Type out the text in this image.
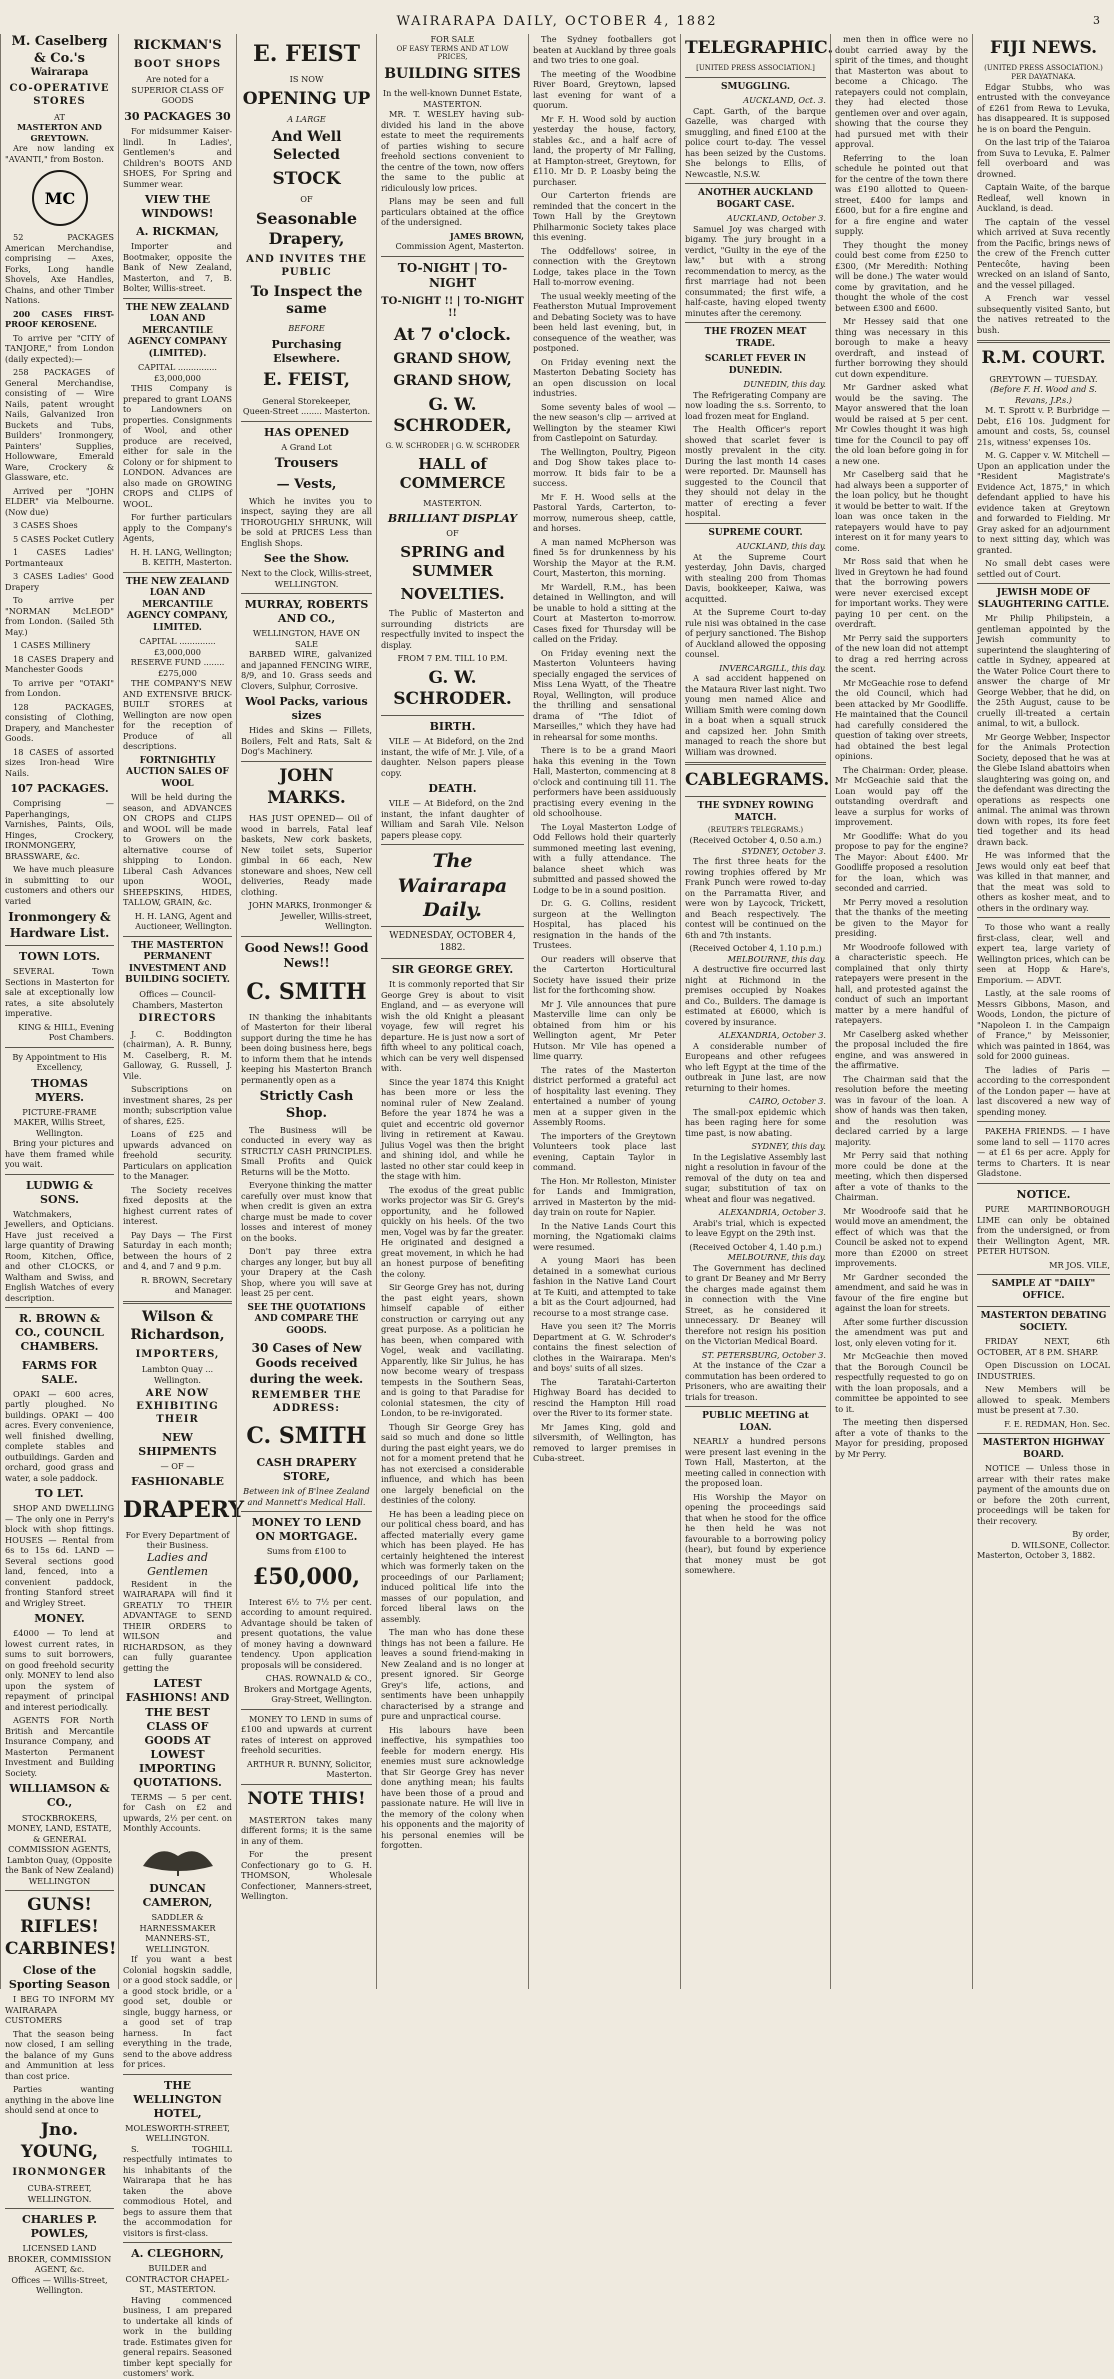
WAIRARAPA DAILY, OCTOBER 4, 1882	3
M. Caselberg & Co.'s
Wairarapa
CO-OPERATIVE STORES
AT
MASTERTON AND GREYTOWN.

Are now landing ex "AVANTI," from Boston.

MC

52 PACKAGES American Merchandise, comprising — Axes, Forks, Long handle Shovels, Axe Handles, Chains, and other Timber Nations.

200 CASES FIRST-PROOF KEROSENE.

To arrive per "CITY of TANJORE," from London (daily expected):—

258 PACKAGES of General Merchandise, consisting of — Wire Nails, patent wrought Nails, Galvanized Iron Buckets and Tubs, Builders' Ironmongery, Painters' Supplies, Hollowware, Emerald Ware, Crockery & Glassware, etc.

Arrived per "JOHN ELDER" via Melbourne. (Now due)

3 CASES Shoes

5 CASES Pocket Cutlery

1 CASES Ladies' Portmanteaux

3 CASES Ladies' Good Drapery

To arrive per "NORMAN McLEOD" from London. (Sailed 5th May.)

1 CASES Millinery

18 CASES Drapery and Manchester Goods

To arrive per "OTAKI" from London.

128 PACKAGES, consisting of Clothing, Drapery, and Manchester Goods.

18 CASES of assorted sizes Iron-head Wire Nails.

107 PACKAGES.

Comprising — Paperhangings, Varnishes, Paints, Oils, Hinges, Crockery, IRONMONGERY, BRASSWARE, &c.

We have much pleasure in submitting to our customers and others our varied

Ironmongery & Hardware List.
TOWN LOTS.

SEVERAL Town Sections in Masterton for sale at exceptionally low rates, a site absolutely imperative.

KING & HILL, Evening Post Chambers.
By Appointment to His Excellency,
THOMAS MYERS.
PICTURE-FRAME MAKER, Willis Street, Wellington.

Bring your pictures and have them framed while you wait.

LUDWIG & SONS.

Watchmakers, Jewellers, and Opticians. Have just received a large quantity of Drawing Room, Kitchen, Office, and other CLOCKS, or Waltham and Swiss, and English Watches of every description.

R. BROWN & CO., COUNCIL CHAMBERS.
FARMS FOR SALE.

OPAKI — 600 acres, partly ploughed. No buildings. OPAKI — 400 acres. Every convenience, well finished dwelling, complete stables and outbuildings. Garden and orchard, good grass and water, a sole paddock.

TO LET.

SHOP AND DWELLING — The only one in Perry's block with shop fittings. HOUSES — Rental from 6s to 15s 6d. LAND — Several sections good land, fenced, into a convenient paddock, fronting Stanford street and Wrigley Street.

MONEY.

£4000 — To lend at lowest current rates, in sums to suit borrowers, on good freehold security only. MONEY to lend also upon the system of repayment of principal and interest periodically.

AGENTS FOR North British and Mercantile Insurance Company, and Masterton Permanent Investment and Building Society.

WILLIAMSON & CO.,
STOCKBROKERS, MONEY, LAND, ESTATE, & GENERAL COMMISSION AGENTS, Lambton Quay, (Opposite the Bank of New Zealand) WELLINGTON
GUNS! RIFLES! CARBINES!
Close of the Sporting Season

I BEG TO INFORM MY WAIRARAPA CUSTOMERS

That the season being now closed, I am selling the balance of my Guns and Ammunition at less than cost price.

Parties wanting anything in the above line should send at once to

Jno. YOUNG,
IRONMONGER
CUBA-STREET, WELLINGTON.
CHARLES P. POWLES,
LICENSED LAND BROKER, COMMISSION AGENT, &c.
Offices — Willis-Street, Wellington.
RICKMAN'S
BOOT SHOPS
Are noted for a SUPERIOR CLASS OF GOODS
30 PACKAGES 30

For midsummer Kaiser-lindl. In Ladies', Gentlemen's and Children's BOOTS AND SHOES, For Spring and Summer wear.

VIEW THE WINDOWS!
A. RICKMAN,

Importer and Bootmaker, opposite the Bank of New Zealand, Masterton, and 7, B. Bolter, Willis-street.

THE NEW ZEALAND LOAN AND MERCANTILE AGENCY COMPANY (LIMITED).
CAPITAL ............... £3,000,000

THIS Company is prepared to grant LOANS to Landowners on properties. Consignments of Wool, and other produce are received, either for sale in the Colony or for shipment to LONDON. Advances are also made on GROWING CROPS and CLIPS of WOOL.

For further particulars apply to the Company's Agents,

H. H. LANG, Wellington;
B. KEITH, Masterton.
THE NEW ZEALAND LOAN AND MERCANTILE AGENCY COMPANY, LIMITED.
CAPITAL .............. £3,000,000
RESERVE FUND ........ £275,000

THE COMPANY'S NEW AND EXTENSIVE BRICK-BUILT STORES at Wellington are now open for the reception of Produce of all descriptions.

FORTNIGHTLY AUCTION SALES OF WOOL

Will be held during the season, and ADVANCES ON CROPS and CLIPS and WOOL will be made to Growers on the alternative course of shipping to London. Liberal Cash Advances upon WOOL, SHEEPSKINS, HIDES, TALLOW, GRAIN, &c.

H. H. LANG, Agent and Auctioneer, Wellington.
THE MASTERTON PERMANENT INVESTMENT AND BUILDING SOCIETY.
Offices — Council-Chambers, Masterton
DIRECTORS

J. C. Boddington (chairman), A. R. Bunny, M. Caselberg, R. M. Galloway, G. Russell, J. Vile.

Subscriptions on investment shares, 2s per month; subscription value of shares, £25.

Loans of £25 and upwards advanced on freehold security. Particulars on application to the Manager.

The Society receives fixed deposits at the highest current rates of interest.

Pay Days — The First Saturday in each month; between the hours of 2 and 4, and 7 and 9 p.m.

R. BROWN, Secretary and Manager.
Wilson & Richardson,
IMPORTERS,
Lambton Quay ... Wellington.
ARE NOW EXHIBITING THEIR
NEW SHIPMENTS
— OF —
FASHIONABLE
DRAPERY
For Every Department of their Business.
Ladies and Gentlemen

Resident in the WAIRARAPA will find it GREATLY TO THEIR ADVANTAGE to SEND THEIR ORDERS to WILSON and RICHARDSON, as they can fully guarantee getting the

LATEST FASHIONS! AND THE BEST CLASS OF GOODS AT LOWEST IMPORTING QUOTATIONS.

TERMS — 5 per cent. for Cash on £2 and upwards, 2½ per cent. on Monthly Accounts.

DUNCAN CAMERON,
SADDLER & HARNESSMAKER
MANNERS-ST., WELLINGTON.

If you want a best Colonial hogskin saddle, or a good stock saddle, or a good stock bridle, or a good set, double or single, buggy harness, or a good set of trap harness. In fact everything in the trade, send to the above address for prices.

THE WELLINGTON HOTEL,
MOLESWORTH-STREET, WELLINGTON.

S. TOGHILL respectfully intimates to his inhabitants of the Wairarapa that he has taken the above commodious Hotel, and begs to assure them that the accommodation for visitors is first-class.

A. CLEGHORN,
BUILDER and CONTRACTOR CHAPEL-ST., MASTERTON.

Having commenced business, I am prepared to undertake all kinds of work in the building trade. Estimates given for general repairs. Seasoned timber kept specially for customers' work.

E. FEIST
IS NOW
OPENING UP
A LARGE
And Well Selected
STOCK
OF
Seasonable Drapery,
AND INVITES THE PUBLIC
To Inspect the same
BEFORE
Purchasing Elsewhere.
E. FEIST,
General Storekeeper,
Queen-Street ........ Masterton.
HAS OPENED
A Grand Lot
Trousers
— Vests,

Which he invites you to inspect, saying they are all THOROUGHLY SHRUNK, Will be sold at PRICES Less than English Shops.

See the Show.
Next to the Clock, Willis-street, WELLINGTON.
MURRAY, ROBERTS AND CO.,
WELLINGTON, HAVE ON SALE

BARBED WIRE, galvanized and japanned FENCING WIRE, 8/9, and 10. Grass seeds and Clovers, Sulphur, Corrosive.

Wool Packs, various sizes

Hides and Skins — Fillets, Boilers, Felt and Rats, Salt & Dog's Machinery.

JOHN MARKS.

HAS JUST OPENED— Oil of wood in barrels, Fatal leaf baskets, New cork baskets, New toilet sets, Superior gimbal in 66 each, New stoneware and shoes, New cell deliveries, Ready made clothing.

JOHN MARKS, Ironmonger & Jeweller, Willis-street, Wellington.
Good News!! Good News!!
C. SMITH

IN thanking the inhabitants of Masterton for their liberal support during the time he has been doing business here, begs to inform them that he intends keeping his Masterton Branch permanently open as a

Strictly Cash Shop.

The Business will be conducted in every way as STRICTLY CASH PRINCIPLES. Small Profits and Quick Returns will be the Motto.

Everyone thinking the matter carefully over must know that when credit is given an extra charge must be made to cover losses and interest of money on the books.

Don't pay three extra charges any longer, but buy all your Drapery at the Cash Shop, where you will save at least 25 per cent.

SEE THE QUOTATIONS AND COMPARE THE GOODS.
30 Cases of New Goods received during the week.
REMEMBER THE ADDRESS:
C. SMITH
CASH DRAPERY STORE,
Between ink of B'lnee Zealand and Mannett's Medical Hall.
MONEY TO LEND ON MORTGAGE.
Sums from £100 to
£50,000,

Interest 6½ to 7½ per cent. according to amount required. Advantage should be taken of present quotations, the value of money having a downward tendency. Upon application proposals will be considered.

CHAS. ROWNALD & CO., Brokers and Mortgage Agents, Gray-Street, Wellington.

MONEY TO LEND in sums of £100 and upwards at current rates of interest on approved freehold securities.

ARTHUR R. BUNNY, Solicitor, Masterton.
NOTE THIS!

MASTERTON takes many different forms; it is the same in any of them.

For the present Confectionary go to G. H. THOMSON, Wholesale Confectioner, Manners-street, Wellington.

FOR SALE
OF EASY TERMS AND AT LOW PRICES,
BUILDING SITES
In the well-known Dunnet Estate, MASTERTON.

MR. T. WESLEY having sub-divided his land in the above estate to meet the requirements of parties wishing to secure freehold sections convenient to the centre of the town, now offers the same to the public at ridiculously low prices.

Plans may be seen and full particulars obtained at the office of the undersigned.

JAMES BROWN,
Commission Agent, Masterton.
TO-NIGHT | TO-NIGHT
TO-NIGHT !! | TO-NIGHT !!
At 7 o'clock.
GRAND SHOW,
GRAND SHOW,
G. W. SCHRODER,
G. W. SCHRODER | G. W. SCHRODER
HALL of COMMERCE
MASTERTON.
BRILLIANT DISPLAY
OF
SPRING and SUMMER
NOVELTIES.

The Public of Masterton and surrounding districts are respectfully invited to inspect the display.

FROM 7 P.M. TILL 10 P.M.
G. W. SCHRODER.
BIRTH.

VILE — At Bideford, on the 2nd instant, the wife of Mr. J. Vile, of a daughter. Nelson papers please copy.

DEATH.

VILE — At Bideford, on the 2nd instant, the infant daughter of William and Sarah Vile. Nelson papers please copy.

The Wairarapa Daily.
WEDNESDAY, OCTOBER 4, 1882.
SIR GEORGE GREY.

It is commonly reported that Sir George Grey is about to visit England, and — as everyone will wish the old Knight a pleasant voyage, few will regret his departure. He is just now a sort of fifth wheel to any political coach, which can be very well dispensed with.

Since the year 1874 this Knight has been more or less the nominal ruler of New Zealand. Before the year 1874 he was a quiet and eccentric old governor living in retirement at Kawau. Julius Vogel was then the bright and shining idol, and while he lasted no other star could keep in the stage with him.

The exodus of the great public works projector was Sir G. Grey's opportunity, and he followed quickly on his heels. Of the two men, Vogel was by far the greater. He originated and designed a great movement, in which he had an honest purpose of benefiting the colony.

Sir George Grey has not, during the past eight years, shown himself capable of either construction or carrying out any great purpose. As a politician he has been, when compared with Vogel, weak and vacillating. Apparently, like Sir Julius, he has now become weary of trespass tempests in the Southern Seas, and is going to that Paradise for colonial statesmen, the city of London, to be re-invigorated.

Though Sir George Grey has said so much and done so little during the past eight years, we do not for a moment pretend that he has not exercised a considerable influence, and which has been one largely beneficial on the destinies of the colony.

He has been a leading piece on our political chess board, and has affected materially every game which has been played. He has certainly heightened the interest which was formerly taken on the proceedings of our Parliament; induced political life into the masses of our population, and forced liberal laws on the assembly.

The man who has done these things has not been a failure. He leaves a sound friend-making in New Zealand and is no longer at present ignored. Sir George Grey's life, actions, and sentiments have been unhappily characterised by a strange and pure and unpractical course.

His labours have been ineffective, his sympathies too feeble for modern energy. His enemies must sure acknowledge that Sir George Grey has never done anything mean; his faults have been those of a proud and passionate nature. He will live in the memory of the colony when his opponents and the majority of his personal enemies will be forgotten.

The Sydney footballers got beaten at Auckland by three goals and two tries to one goal.

The meeting of the Woodbine River Board, Greytown, lapsed last evening for want of a quorum.

Mr F. H. Wood sold by auction yesterday the house, factory, stables &c., and a half acre of land, the property of Mr Falling, at Hampton-street, Greytown, for £110. Mr D. P. Loasby being the purchaser.

Our Carterton friends are reminded that the concert in the Town Hall by the Greytown Philharmonic Society takes place this evening.

The Oddfellows' soiree, in connection with the Greytown Lodge, takes place in the Town Hall to-morrow evening.

The usual weekly meeting of the Featherston Mutual Improvement and Debating Society was to have been held last evening, but, in consequence of the weather, was postponed.

On Friday evening next the Masterton Debating Society has an open discussion on local industries.

Some seventy bales of wool — the new season's clip — arrived at Wellington by the steamer Kiwi from Castlepoint on Saturday.

The Wellington, Poultry, Pigeon and Dog Show takes place to-morrow. It bids fair to be a success.

Mr F. H. Wood sells at the Pastoral Yards, Carterton, to-morrow, numerous sheep, cattle, and horses.

A man named McPherson was fined 5s for drunkenness by his Worship the Mayor at the R.M. Court, Masterton, this morning.

Mr Wardell, R.M., has been detained in Wellington, and will be unable to hold a sitting at the Court at Masterton to-morrow. Cases fixed for Thursday will be called on the Friday.

On Friday evening next the Masterton Volunteers having specially engaged the services of Miss Lena Wyatt, of the Theatre Royal, Wellington, will produce the thrilling and sensational drama of "The Idiot of Marseilles," which they have had in rehearsal for some months.

There is to be a grand Maori haka this evening in the Town Hall, Masterton, commencing at 8 o'clock and continuing till 11. The performers have been assiduously practising every evening in the old schoolhouse.

The Loyal Masterton Lodge of Odd Fellows hold their quarterly summoned meeting last evening, with a fully attendance. The balance sheet which was submitted and passed showed the Lodge to be in a sound position.

Dr. G. G. Collins, resident surgeon at the Wellington Hospital, has placed his resignation in the hands of the Trustees.

Our readers will observe that the Carterton Horticultural Society have issued their prize list for the forthcoming show.

Mr J. Vile announces that pure Masterville lime can only be obtained from him or his Wellington agent, Mr Peter Hutson. Mr Vile has opened a lime quarry.

The rates of the Masterton district performed a grateful act of hospitality last evening. They entertained a number of young men at a supper given in the Assembly Rooms.

The importers of the Greytown Volunteers took place last evening, Captain Taylor in command.

The Hon. Mr Rolleston, Minister for Lands and Immigration, arrived in Masterton by the mid-day train on route for Napier.

In the Native Lands Court this morning, the Ngatiomaki claims were resumed.

A young Maori has been detained in a somewhat curious fashion in the Native Land Court at Te Kuiti, and attempted to take a bit as the Court adjourned, had recourse to a most strange case.

Have you seen it? The Morris Department at G. W. Schroder's contains the finest selection of clothes in the Wairarapa. Men's and boys' suits of all sizes.

The Taratahi-Carterton Highway Board has decided to rescind the Hampton Hill road over the River to its former state.

Mr James King, gold and silversmith, of Wellington, has removed to larger premises in Cuba-street.

TELEGRAPHIC.
[UNITED PRESS ASSOCIATION.]
SMUGGLING.
AUCKLAND, Oct. 3.

Capt. Garth, of the barque Gazelle, was charged with smuggling, and fined £100 at the police court to-day. The vessel has been seized by the Customs. She belongs to Ellis, of Newcastle, N.S.W.

ANOTHER AUCKLAND BOGART CASE.
AUCKLAND, October 3.

Samuel Joy was charged with bigamy. The jury brought in a verdict, "Guilty in the eye of the law," but with a strong recommendation to mercy, as the first marriage had not been consummated; the first wife, a half-caste, having eloped twenty minutes after the ceremony.

THE FROZEN MEAT TRADE.
SCARLET FEVER IN DUNEDIN.
DUNEDIN, this day.

The Refrigerating Company are now loading the s.s. Sorrento, to load frozen meat for England.

The Health Officer's report showed that scarlet fever is mostly prevalent in the city. During the last month 14 cases were reported. Dr. Maunsell has suggested to the Council that they should not delay in the matter of erecting a fever hospital.

SUPREME COURT.
AUCKLAND, this day.

At the Supreme Court yesterday, John Davis, charged with stealing 200 from Thomas Davis, bookkeeper, Kaiwa, was acquitted.

At the Supreme Court to-day rule nisi was obtained in the case of perjury sanctioned. The Bishop of Auckland allowed the opposing counsel.

INVERCARGILL, this day.

A sad accident happened on the Mataura River last night. Two young men named Alice and William Smith were coming down in a boat when a squall struck and capsized her. John Smith managed to reach the shore but William was drowned.

CABLEGRAMS.
THE SYDNEY ROWING MATCH.
(REUTER'S TELEGRAMS.)
(Received October 4, 0.50 a.m.)
SYDNEY, October 3.

The first three heats for the rowing trophies offered by Mr Frank Punch were rowed to-day on the Parramatta River, and were won by Laycock, Trickett, and Beach respectively. The contest will be continued on the 6th and 7th instants.

(Received October 4, 1.10 p.m.)
MELBOURNE, this day.

A destructive fire occurred last night at Richmond in the premises occupied by Noakes and Co., Builders. The damage is estimated at £6000, which is covered by insurance.

ALEXANDRIA, October 3.

A considerable number of Europeans and other refugees who left Egypt at the time of the outbreak in June last, are now returning to their homes.

CAIRO, October 3.

The small-pox epidemic which has been raging here for some time past, is now abating.

SYDNEY, this day.

In the Legislative Assembly last night a resolution in favour of the removal of the duty on tea and sugar, substitution of tax on wheat and flour was negatived.

ALEXANDRIA, October 3.

Arabi's trial, which is expected to leave Egypt on the 29th inst.

(Received October 4, 1.40 p.m.)
MELBOURNE, this day.

The Government has declined to grant Dr Beaney and Mr Berry the charges made against them in connection with the Vine Street, as he considered it unnecessary. Dr Beaney will therefore not resign his position on the Victorian Medical Board.

ST. PETERSBURG, October 3.

At the instance of the Czar a commutation has been ordered to Prisoners, who are awaiting their trials for treason.

PUBLIC MEETING at LOAN.

NEARLY a hundred persons were present last evening in the Town Hall, Masterton, at the meeting called in connection with the proposed loan.

His Worship the Mayor on opening the proceedings said that when he stood for the office he then held he was not favourable to a borrowing policy (hear), but found by experience that money must be got somewhere.

men then in office were no doubt carried away by the spirit of the times, and thought that Masterton was about to become a Chicago. The ratepayers could not complain, they had elected those gentlemen over and over again, showing that the course they had pursued met with their approval.

Referring to the loan schedule he pointed out that for the centre of the town there was £190 allotted to Queen-street, £400 for lamps and £600, but for a fire engine and for a fire engine and water supply.

They thought the money could best come from £250 to £300, (Mr Meredith: Nothing will be done.) The water would come by gravitation, and he thought the whole of the cost between £300 and £600.

Mr Hessey said that one thing was necessary in this borough to make a heavy overdraft, and instead of further borrowing they should cut down expenditure.

Mr Gardner asked what would be the saving. The Mayor answered that the loan would be raised at 5 per cent. Mr Cowles thought it was high time for the Council to pay off the old loan before going in for a new one.

Mr Caselberg said that he had always been a supporter of the loan policy, but he thought it would be better to wait. If the loan was once taken in the ratepayers would have to pay interest on it for many years to come.

Mr Ross said that when he lived in Greytown he had found that the borrowing powers were never exercised except for important works. They were paying 10 per cent. on the overdraft.

Mr Perry said the supporters of the new loan did not attempt to drag a red herring across the scent.

Mr McGeachie rose to defend the old Council, which had been attacked by Mr Goodliffe. He maintained that the Council had carefully considered the question of taking over streets, had obtained the best legal opinions.

The Chairman: Order, please. Mr McGeachie said that the Loan would pay off the outstanding overdraft and leave a surplus for works of improvement.

Mr Goodliffe: What do you propose to pay for the engine? The Mayor: About £400. Mr Goodliffe proposed a resolution for the loan, which was seconded and carried.

Mr Perry moved a resolution that the thanks of the meeting be given to the Mayor for presiding.

Mr Woodroofe followed with a characteristic speech. He complained that only thirty ratepayers were present in the hall, and protested against the conduct of such an important matter by a mere handful of ratepayers.

Mr Caselberg asked whether the proposal included the fire engine, and was answered in the affirmative.

The Chairman said that the resolution before the meeting was in favour of the loan. A show of hands was then taken, and the resolution was declared carried by a large majority.

Mr Perry said that nothing more could be done at the meeting, which then dispersed after a vote of thanks to the Chairman.

Mr Woodroofe said that he would move an amendment, the effect of which was that the Council be asked not to expend more than £2000 on street improvements.

Mr Gardner seconded the amendment, and said he was in favour of the fire engine but against the loan for streets.

After some further discussion the amendment was put and lost, only eleven voting for it.

Mr McGeachie then moved that the Borough Council be respectfully requested to go on with the loan proposals, and a committee be appointed to see to it.

The meeting then dispersed after a vote of thanks to the Mayor for presiding, proposed by Mr Perry.

FIJI NEWS.
(UNITED PRESS ASSOCIATION.)
PER DAYATNAKA.

Edgar Stubbs, who was entrusted with the conveyance of £261 from Rewa to Levuka, has disappeared. It is supposed he is on board the Penguin.

On the last trip of the Taiaroa from Suva to Levuka, E. Palmer fell overboard and was drowned.

Captain Waite, of the barque Redleaf, well known in Auckland, is dead.

The captain of the vessel which arrived at Suva recently from the Pacific, brings news of the crew of the French cutter Pentecôte, having been wrecked on an island of Santo, and the vessel pillaged.

A French war vessel subsequently visited Santo, but the natives retreated to the bush.

R.M. COURT.
GREYTOWN — TUESDAY.
(Before F. H. Wood and S. Revans, J.P.s.)

M. T. Sprott v. P. Burbridge — Debt, £16 10s. Judgment for amount and costs, 5s, counsel 21s, witness' expenses 10s.

M. G. Capper v. W. Mitchell — Upon an application under the "Resident Magistrate's Evidence Act, 1875," in which defendant applied to have his evidence taken at Greytown and forwarded to Fielding. Mr Gray asked for an adjournment to next sitting day, which was granted.

No small debt cases were settled out of Court.

JEWISH MODE OF SLAUGHTERING CATTLE.

Mr Philip Philipstein, a gentleman appointed by the Jewish community to superintend the slaughtering of cattle in Sydney, appeared at the Water Police Court there to answer the charge of Mr George Webber, that he did, on the 25th August, cause to be cruelly ill-treated a certain animal, to wit, a bullock.

Mr George Webber, Inspector for the Animals Protection Society, deposed that he was at the Glebe Island abattoirs when slaughtering was going on, and the defendant was directing the operations as respects one animal. The animal was thrown down with ropes, its fore feet tied together and its head drawn back.

He was informed that the Jews would only eat beef that was killed in that manner, and that the meat was sold to others as kosher meat, and to others in the ordinary way.

To those who want a really first-class, clear, well and expert tea, large variety of Wellington prices, which can be seen at Hopp & Hare's, Emporium. — ADVT.

Lastly, at the sale rooms of Messrs Gibbons, Mason, and Woods, London, the picture of "Napoleon I. in the Campaign of France," by Meissonier, which was painted in 1864, was sold for 2000 guineas.

The ladies of Paris — according to the correspondent of the London paper — have at last discovered a new way of spending money.

PAKEHA FRIENDS. — I have some land to sell — 1170 acres — at £1 6s per acre. Apply for terms to Charters. It is near Gladstone.

NOTICE.

PURE MARTINBOROUGH LIME can only be obtained from the undersigned, or from their Wellington Agent, MR. PETER HUTSON.

MR JOS. VILE,
SAMPLE AT "DAILY" OFFICE.
MASTERTON DEBATING SOCIETY.

FRIDAY NEXT, 6th OCTOBER, AT 8 P.M. SHARP.

Open Discussion on LOCAL INDUSTRIES.

New Members will be allowed to speak. Members must be present at 7.30.

F. E. REDMAN, Hon. Sec.
MASTERTON HIGHWAY BOARD.

NOTICE — Unless those in arrear with their rates make payment of the amounts due on or before the 20th current, proceedings will be taken for their recovery.

By order,
D. WILSONE, Collector.
Masterton, October 3, 1882.
